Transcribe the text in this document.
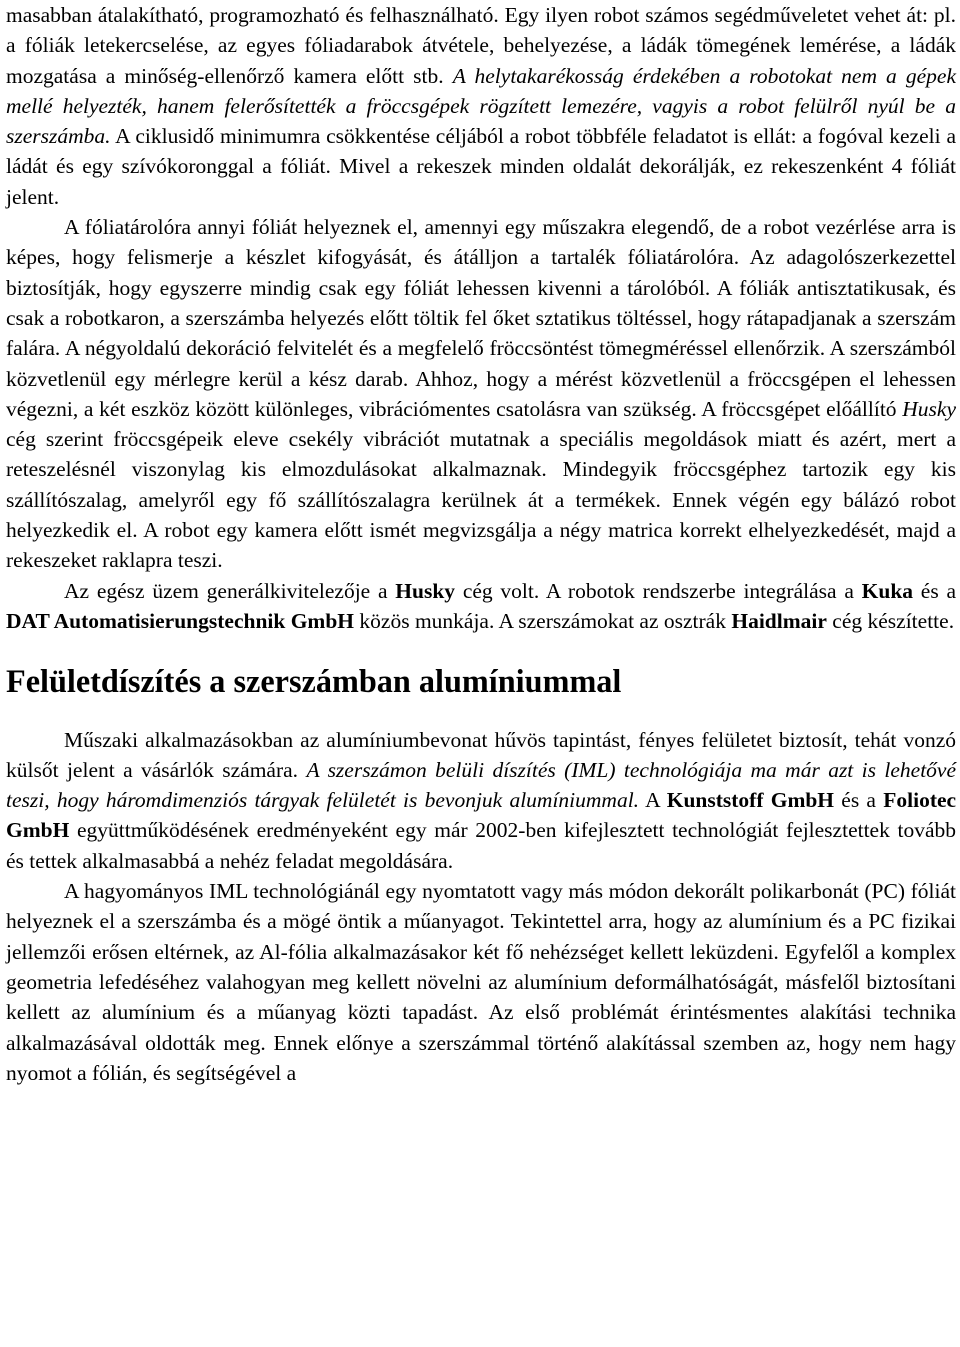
masabban átalakítható, programozható és felhasználható. Egy ilyen robot számos segédműveletet vehet át: pl. a fóliák letekercselése, az egyes fóliadarabok átvétele, behelyezése, a ládák tömegének lemérése, a ládák mozgatása a minőség-ellenőrző kamera előtt stb. A helytakarékosság érdekében a robotokat nem a gépek mellé helyezték, hanem felerősítették a fröccsgépek rögzített lemezére, vagyis a robot felülről nyúl be a szerszámba. A ciklusidő minimumra csökkentése céljából a robot többféle feladatot is ellát: a fogóval kezeli a ládát és egy szívókoronggal a fóliát. Mivel a rekeszek minden oldalát dekorálják, ez rekeszenként 4 fóliát jelent.

A fóliatárolóra annyi fóliát helyeznek el, amennyi egy műszakra elegendő, de a robot vezérlése arra is képes, hogy felismerje a készlet kifogyását, és átálljon a tartalék fóliatárolóra. Az adagolószerkezettel biztosítják, hogy egyszerre mindig csak egy fóliát lehessen kivenni a tárolóból. A fóliák antisztatikusak, és csak a robotkaron, a szerszámba helyezés előtt töltik fel őket sztatikus töltéssel, hogy rátapadjanak a szerszám falára. A négyoldalú dekoráció felvitelét és a megfelelő fröccsöntést tömegméréssel ellenőrzik. A szerszámból közvetlenül egy mérlegre kerül a kész darab. Ahhoz, hogy a mérést közvetlenül a fröccsgépen el lehessen végezni, a két eszköz között különleges, vibrációmentes csatolásra van szükség. A fröccsgépet előállító Husky cég szerint fröccsgépeik eleve csekély vibrációt mutatnak a speciális megoldások miatt és azért, mert a reteszelésnél viszonylag kis elmozdulásokat alkalmaznak. Mindegyik fröccsgéphez tartozik egy kis szállítószalag, amelyről egy fő szállítószalagra kerülnek át a termékek. Ennek végén egy bálázó robot helyezkedik el. A robot egy kamera előtt ismét megvizsgálja a négy matrica korrekt elhelyezkedését, majd a rekeszeket raklapra teszi.

Az egész üzem generálkivitelezője a Husky cég volt. A robotok rendszerbe integrálása a Kuka és a DAT Automatisierungstechnik GmbH közös munkája. A szerszámokat az osztrák Haidlmair cég készítette.

Felületdíszítés a szerszámban alumíniummal

Műszaki alkalmazásokban az alumíniumbevonat hűvös tapintást, fényes felületet biztosít, tehát vonzó külsőt jelent a vásárlók számára. A szerszámon belüli díszítés (IML) technológiája ma már azt is lehetővé teszi, hogy háromdimenziós tárgyak felületét is bevonjuk alumíniummal. A Kunststoff GmbH és a Foliotec GmbH együttműködésének eredményeként egy már 2002-ben kifejlesztett technológiát fejlesztettek tovább és tettek alkalmasabbá a nehéz feladat megoldására.

A hagyományos IML technológiánál egy nyomtatott vagy más módon dekorált polikarbonát (PC) fóliát helyeznek el a szerszámba és a mögé öntik a műanyagot. Tekintettel arra, hogy az alumínium és a PC fizikai jellemzői erősen eltérnek, az Al-fólia alkalmazásakor két fő nehézséget kellett leküzdeni. Egyfelől a komplex geometria lefedéséhez valahogyan meg kellett növelni az alumínium deformálhatóságát, másfelől biztosítani kellett az alumínium és a műanyag közti tapadást. Az első problémát érintésmentes alakítási technika alkalmazásával oldották meg. Ennek előnye a szerszámmal történő alakítással szemben az, hogy nem hagy nyomot a fólián, és segítségével a
